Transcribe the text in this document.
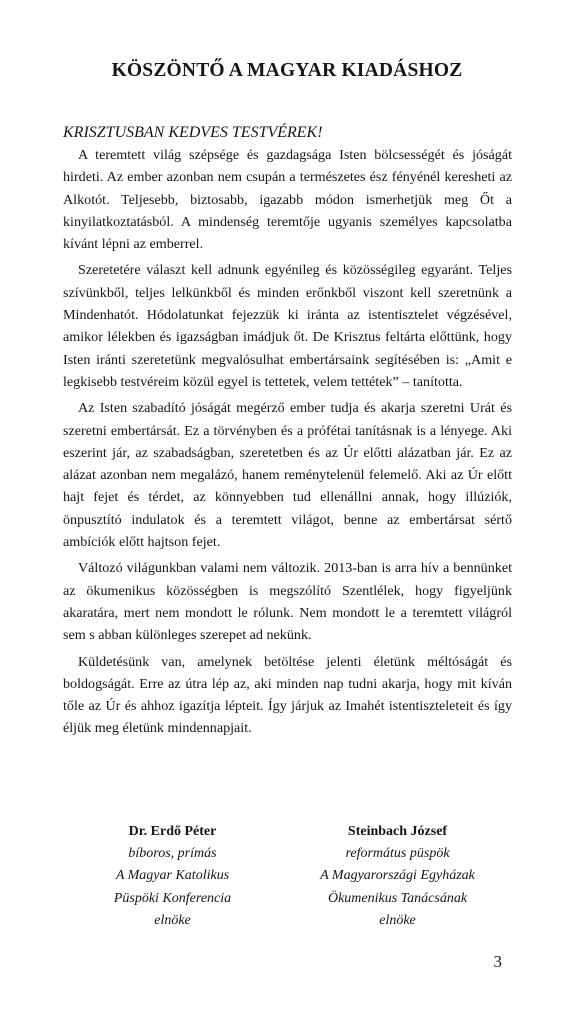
KÖSZÖNTŐ A MAGYAR KIADÁSHOZ

KRISZTUSBAN KEDVES TESTVÉREK!

A teremtett világ szépsége és gazdagsága Isten bölcsességét és jóságát hirdeti. Az ember azonban nem csupán a természetes ész fényénél keresheti az Alkotót. Teljesebb, biztosabb, igazabb módon ismerhetjük meg Őt a kinyilatkoztatásból. A mindenség teremtője ugyanis személyes kapcsolatba kívánt lépni az emberrel.

Szeretetére választ kell adnunk egyénileg és közösségileg egyaránt. Teljes szívünkből, teljes lelkünkből és minden erőnkből viszont kell szeretnünk a Mindenhatót. Hódolatunkat fejezzük ki iránta az istentisztelet végzésével, amikor lélekben és igazságban imádjuk őt. De Krisztus feltárta előttünk, hogy Isten iránti szeretetünk megvalósulhat embertársaink segítésében is: „Amit e legkisebb testvéreim közül egyel is tettetek, velem tettétek” – tanította.

Az Isten szabadító jóságát megérző ember tudja és akarja szeretni Urát és szeretni embertársát. Ez a törvényben és a prófétai tanításnak is a lényege. Aki eszerint jár, az szabadságban, szeretetben és az Úr előtti alázatban jár. Ez az alázat azonban nem megalázó, hanem reménytelenül felemelő. Aki az Úr előtt hajt fejet és térdet, az könnyebben tud ellenállni annak, hogy illúziók, önpusztító indulatok és a teremtett világot, benne az embertársat sértő ambíciók előtt hajtson fejet.

Változó világunkban valami nem változik. 2013-ban is arra hív a bennünket az ökumenikus közösségben is megszólító Szentlélek, hogy figyeljünk akaratára, mert nem mondott le rólunk. Nem mondott le a teremtett világról sem s abban különleges szerepet ad nekünk.

Küldetésünk van, amelynek betöltése jelenti életünk méltóságát és boldogságát. Erre az útra lép az, aki minden nap tudni akarja, hogy mit kíván tőle az Úr és ahhoz igazítja lépteit. Így járjuk az Imahét istentiszteleteit és így éljük meg életünk mindennapjait.

Dr. Erdő Péter
bíboros, prímás
A Magyar Katolikus
Püspöki Konferencia
elnöke
Steinbach József
református püspök
A Magyarországi Egyházak
Ökumenikus Tanácsának
elnöke
3
